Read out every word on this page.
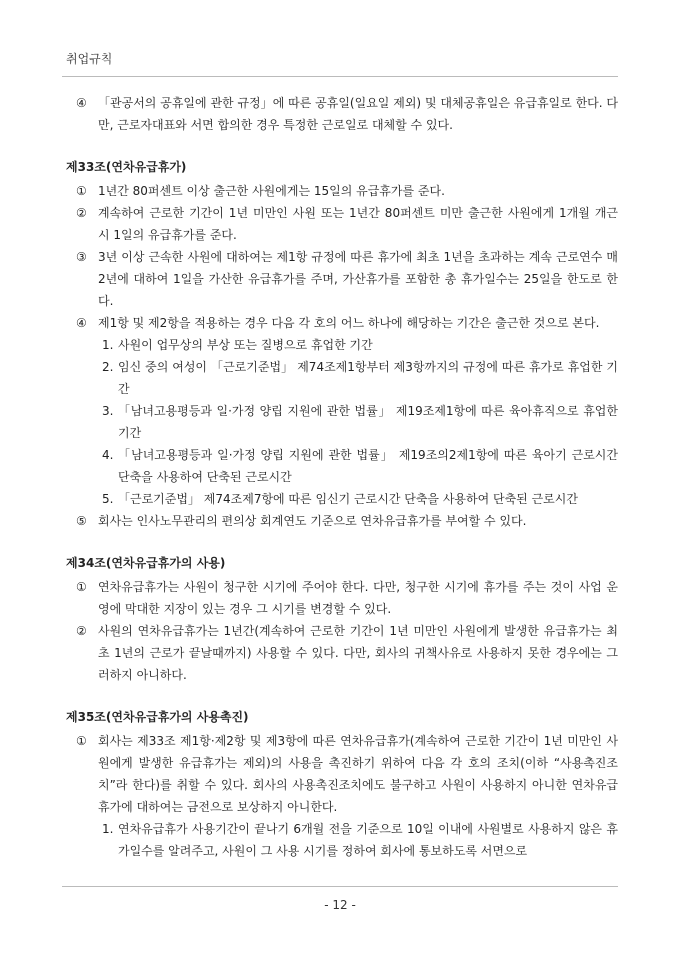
취업규칙
④ 「관공서의 공휴일에 관한 규정」에 따른 공휴일(일요일 제외) 및 대체공휴일은 유급휴일로 한다. 다만, 근로자대표와 서면 합의한 경우 특정한 근로일로 대체할 수 있다.
제33조(연차유급휴가)
① 1년간 80퍼센트 이상 출근한 사원에게는 15일의 유급휴가를 준다.
② 계속하여 근로한 기간이 1년 미만인 사원 또는 1년간 80퍼센트 미만 출근한 사원에게 1개월 개근 시 1일의 유급휴가를 준다.
③ 3년 이상 근속한 사원에 대하여는 제1항 규정에 따른 휴가에 최초 1년을 초과하는 계속 근로연수 매 2년에 대하여 1일을 가산한 유급휴가를 주며, 가산휴가를 포함한 총 휴가일수는 25일을 한도로 한다.
④ 제1항 및 제2항을 적용하는 경우 다음 각 호의 어느 하나에 해당하는 기간은 출근한 것으로 본다.
1. 사원이 업무상의 부상 또는 질병으로 휴업한 기간
2. 임신 중의 여성이 「근로기준법」 제74조제1항부터 제3항까지의 규정에 따른 휴가로 휴업한 기간
3. 「남녀고용평등과 일·가정 양립 지원에 관한 법률」 제19조제1항에 따른 육아휴직으로 휴업한 기간
4. 「남녀고용평등과 일·가정 양립 지원에 관한 법률」 제19조의2제1항에 따른 육아기 근로시간 단축을 사용하여 단축된 근로시간
5. 「근로기준법」 제74조제7항에 따른 임신기 근로시간 단축을 사용하여 단축된 근로시간
⑤ 회사는 인사노무관리의 편의상 회계연도 기준으로 연차유급휴가를 부여할 수 있다.
제34조(연차유급휴가의 사용)
① 연차유급휴가는 사원이 청구한 시기에 주어야 한다. 다만, 청구한 시기에 휴가를 주는 것이 사업 운영에 막대한 지장이 있는 경우 그 시기를 변경할 수 있다.
② 사원의 연차유급휴가는 1년간(계속하여 근로한 기간이 1년 미만인 사원에게 발생한 유급휴가는 최초 1년의 근로가 끝날때까지) 사용할 수 있다. 다만, 회사의 귀책사유로 사용하지 못한 경우에는 그러하지 아니하다.
제35조(연차유급휴가의 사용촉진)
① 회사는 제33조 제1항·제2항 및 제3항에 따른 연차유급휴가(계속하여 근로한 기간이 1년 미만인 사원에게 발생한 유급휴가는 제외)의 사용을 촉진하기 위하여 다음 각 호의 조치(이하 “사용촉진조치”라 한다)를 취할 수 있다. 회사의 사용촉진조치에도 불구하고 사원이 사용하지 아니한 연차유급휴가에 대하여는 금전으로 보상하지 아니한다.
1. 연차유급휴가 사용기간이 끝나기 6개월 전을 기준으로 10일 이내에 사원별로 사용하지 않은 휴가일수를 알려주고, 사원이 그 사용 시기를 정하여 회사에 통보하도록 서면으로
- 12 -
